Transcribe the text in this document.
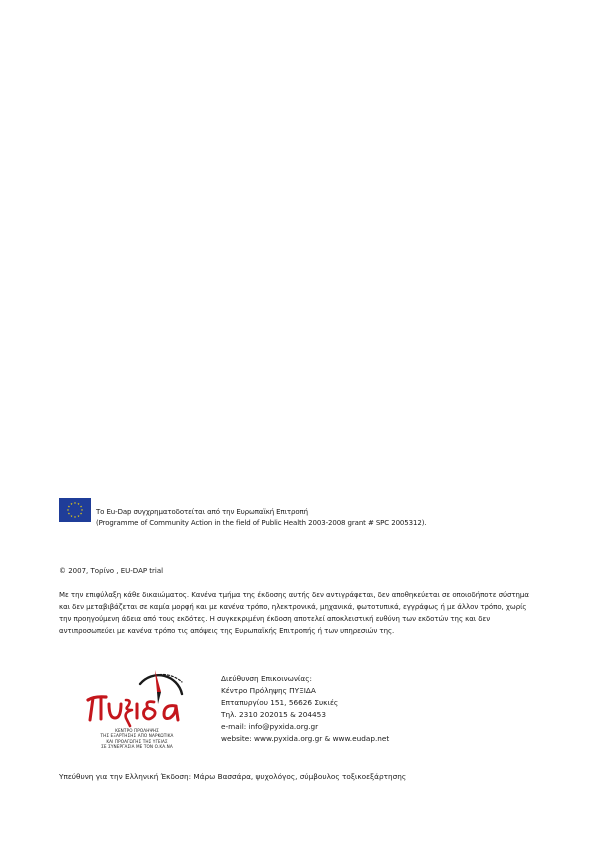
Το Eu-Dap συγχρηματοδοτείται από την Ευρωπαϊκή Επιτροπή
(Programme of Community Action in the field of Public Health 2003-2008 grant # SPC 2005312).
© 2007, Τορίνο , EU-DAP trial
Με την επιφύλαξη κάθε δικαιώματος. Κανένα τμήμα της έκδοσης αυτής δεν αντιγράφεται, δεν αποθηκεύεται σε οποιοδήποτε σύστημα και δεν μεταβιβάζεται σε καμία μορφή και με κανένα τρόπο, ηλεκτρονικά, μηχανικά, φωτοτυπικά, εγγράφως ή με άλλον τρόπο, χωρίς την προηγούμενη άδεια από τους εκδότες. Η συγκεκριμένη έκδοση αποτελεί αποκλειστική ευθύνη των εκδοτών της και δεν αντιπροσωπεύει με κανένα τρόπο τις απόψεις της Ευρωπαϊκής Επιτροπής ή των υπηρεσιών της.
ΚΕΝΤΡΟ ΠΡΟΛΗΨΗΣ
ΤΗΣ ΕΞΑΡΤΗΣΗΣ ΑΠΟ ΝΑΡΚΩΤΙΚΑ
ΚΑΙ ΠΡΟΑΓΩΓΗΣ ΤΗΣ ΥΓΕΙΑΣ
ΣΕ ΣΥΝΕΡΓΑΣΙΑ ΜΕ ΤΟΝ Ο.ΚΑ.ΝΑ
Διεύθυνση Επικοινωνίας:
Κέντρο Πρόληψης ΠΥΞΙΔΑ
Επταπυργίου 151, 56626 Συκιές
Τηλ. 2310 202015 & 204453
e-mail: info@pyxida.org.gr
website: www.pyxida.org.gr & www.eudap.net
Υπεύθυνη για την Ελληνική Έκδοση: Μάρω Βασσάρα, ψυχολόγος, σύμβουλος τοξικοεξάρτησης
